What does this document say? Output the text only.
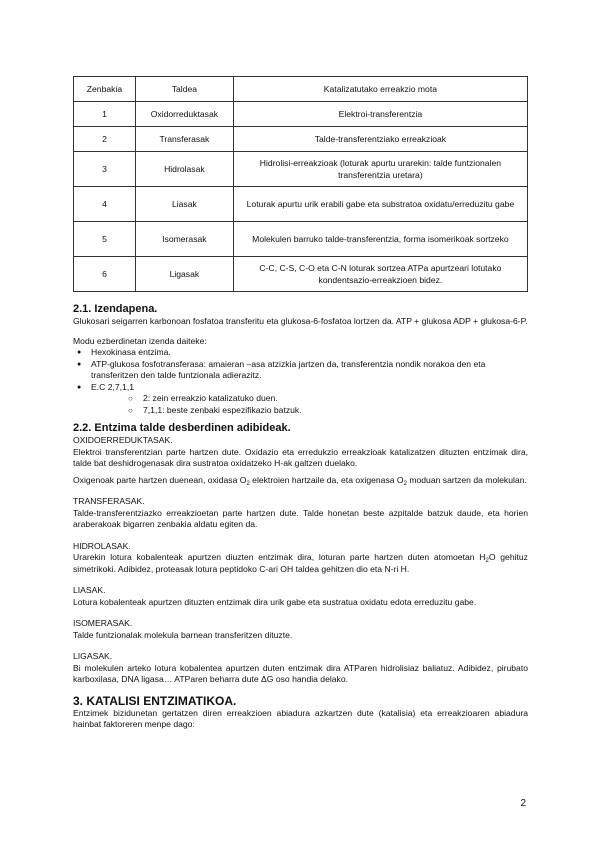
Zenbakia	Taldea	Katalizatutako erreakzio mota
1	Oxidorreduktasak	Elektroi-transferentzia
2	Transferasak	Talde-transferentziako erreakzioak
3	Hidrolasak	Hidrolisi-erreakzioak (loturak apurtu urarekin: talde funtzionalen transferentzia uretara)
4	Liasak	Loturak apurtu urik erabili gabe eta substratoa oxidatu/erreduzitu gabe
5	Isomerasak	Molekulen barruko talde-transferentzia, forma isomerikoak sortzeko
6	Ligasak	C-C, C-S, C-O eta C-N loturak sortzea ATPa apurtzeari lotutako kondentsazio-erreakzioen bidez.
2.1. Izendapena.

Glukosari seigarren karbonoan fosfatoa transferitu eta glukosa-6-fosfatoa lortzen da. ATP + glukosa ADP + glukosa-6-P.

Modu ezberdinetan izenda daiteke:

● Hexokinasa entzima.
● ATP-glukosa fosfotransferasa: amaieran –asa atzizkia jartzen da, transferentzia nondik norakoa den eta transferitzen den talde funtzionala adierazitz.
● E.C 2,7,1,1
○ 2: zein erreakzio katalizatuko duen.
○ 7,1,1: beste zenbaki espezifikazio batzuk.
2.2. Entzima talde desberdinen adibideak.
OXIDOERREDUKTASAK.

Elektroi transferentzian parte hartzen dute. Oxidazio eta erredukzio erreakzioak katalizatzen dituzten entzimak dira, talde bat deshidrogenasak dira sustratoa oxidatzeko H-ak galtzen duelako.

Oxigenoak parte hartzen duenean, oxidasa $O_2$ elektroien hartzaile da, eta oxigenasa $O_2$ moduan sartzen da molekulan.

TRANSFERASAK.

Talde-transferentziazko erreakzioetan parte hartzen dute. Talde honetan beste azpitalde batzuk daude, eta horien araberakoak bigarren zenbakia aldatu egiten da.

HIDROLASAK.

Urarekin lotura kobalenteak apurtzen diuzten entzimak dira, loturan parte hartzen duten atomoetan $H_2O$ gehituz simetrikoki. Adibidez, proteasak lotura peptidoko C-ari OH taldea gehitzen dio eta N-ri H.

LIASAK.

Lotura kobalenteak apurtzen dituzten entzimak dira urik gabe eta sustratua oxidatu edota erreduzitu gabe.

ISOMERASAK.

Talde funtzionalak molekula barnean transferitzen dituzte.

LIGASAK.

Bi molekulen arteko lotura kobalentea apurtzen duten entzimak dira ATParen hidrolisiaz baliatuz. Adibidez, pirubato karboxilasa, DNA ligasa… ATParen beharra dute ΔG oso handia delako.

3. KATALISI ENTZIMATIKOA.

Entzimek bizidunetan gertatzen diren erreakzioen abiadura azkartzen dute (katalisia) eta erreakzioaren abiadura hainbat faktoreren menpe dago:

2
